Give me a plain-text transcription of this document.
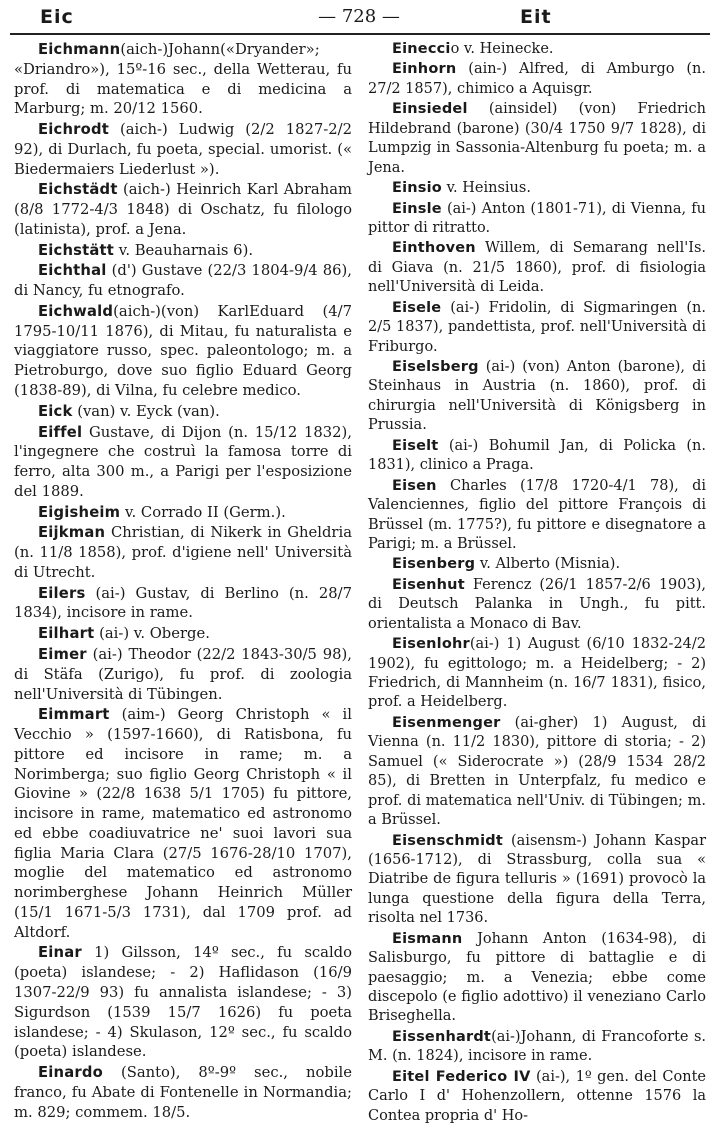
Eic	— 728 —	Eit

Eichmann(aich-)Johann(«Dryander»; «Driandro»), 15º-16 sec., della Wetterau, fu prof. di matematica e di medicina a Marburg; m. 20/12 1560.

Eichrodt (aich-) Ludwig (2/2 1827-2/2 92), di Durlach, fu poeta, special. umorist. (« Biedermaiers Liederlust »).

Eichstädt (aich-) Heinrich Karl Abraham (8/8 1772-4/3 1848) di Oschatz, fu filologo (latinista), prof. a Jena.

Eichstätt v. Beauharnais 6).

Eichthal (d') Gustave (22/3 1804-9/4 86), di Nancy, fu etnografo.

Eichwald(aich-)(von) KarlEduard (4/7 1795-10/11 1876), di Mitau, fu naturalista e viaggiatore russo, spec. paleontologo; m. a Pietroburgo, dove suo figlio Eduard Georg (1838-89), di Vilna, fu celebre medico.

Eick (van) v. Eyck (van).

Eiffel Gustave, di Dijon (n. 15/12 1832), l'ingegnere che costruì la famosa torre di ferro, alta 300 m., a Parigi per l'esposizione del 1889.

Eigisheim v. Corrado II (Germ.).

Eijkman Christian, di Nikerk in Gheldria (n. 11/8 1858), prof. d'igiene nell' Università di Utrecht.

Eilers (ai-) Gustav, di Berlino (n. 28/7 1834), incisore in rame.

Eilhart (ai-) v. Oberge.

Eimer (ai-) Theodor (22/2 1843-30/5 98), di Stäfa (Zurigo), fu prof. di zoologia nell'Università di Tübingen.

Eimmart (aim-) Georg Christoph « il Vecchio » (1597-1660), di Ratisbona, fu pittore ed incisore in rame; m. a Norimberga; suo figlio Georg Christoph « il Giovine » (22/8 1638 5/1 1705) fu pittore, incisore in rame, matematico ed astronomo ed ebbe coadiuvatrice ne' suoi lavori sua figlia Maria Clara (27/5 1676-28/10 1707), moglie del matematico ed astronomo norimberghese Johann Heinrich Müller (15/1 1671-5/3 1731), dal 1709 prof. ad Altdorf.

Einar 1) Gilsson, 14º sec., fu scaldo (poeta) islandese; - 2) Haflidason (16/9 1307-22/9 93) fu annalista islandese; - 3) Sigurdson (1539 15/7 1626) fu poeta islandese; - 4) Skulason, 12º sec., fu scaldo (poeta) islandese.

Einardo (Santo), 8º-9º sec., nobile franco, fu Abate di Fontenelle in Normandia; m. 829; commem. 18/5.

Eineccio v. Heinecke.

Einhorn (ain-) Alfred, di Amburgo (n. 27/2 1857), chimico a Aquisgr.

Einsiedel (ainsidel) (von) Friedrich Hildebrand (barone) (30/4 1750 9/7 1828), di Lumpzig in Sassonia-Altenburg fu poeta; m. a Jena.

Einsio v. Heinsius.

Einsle (ai-) Anton (1801-71), di Vienna, fu pittor di ritratto.

Einthoven Willem, di Semarang nell'Is. di Giava (n. 21/5 1860), prof. di fisiologia nell'Università di Leida.

Eisele (ai-) Fridolin, di Sigmaringen (n. 2/5 1837), pandettista, prof. nell'Università di Friburgo.

Eiselsberg (ai-) (von) Anton (barone), di Steinhaus in Austria (n. 1860), prof. di chirurgia nell'Università di Königsberg in Prussia.

Eiselt (ai-) Bohumil Jan, di Policka (n. 1831), clinico a Praga.

Eisen Charles (17/8 1720-4/1 78), di Valenciennes, figlio del pittore François di Brüssel (m. 1775?), fu pittore e disegnatore a Parigi; m. a Brüssel.

Eisenberg v. Alberto (Misnia).

Eisenhut Ferencz (26/1 1857-2/6 1903), di Deutsch Palanka in Ungh., fu pitt. orientalista a Monaco di Bav.

Eisenlohr(ai-) 1) August (6/10 1832-24/2 1902), fu egittologo; m. a Heidelberg; - 2) Friedrich, di Mannheim (n. 16/7 1831), fisico, prof. a Heidelberg.

Eisenmenger (ai-gher) 1) August, di Vienna (n. 11/2 1830), pittore di storia; - 2) Samuel (« Siderocrate ») (28/9 1534 28/2 85), di Bretten in Unterpfalz, fu medico e prof. di matematica nell'Univ. di Tübingen; m. a Brüssel.

Eisenschmidt (aisensm-) Johann Kaspar (1656-1712), di Strassburg, colla sua « Diatribe de figura telluris » (1691) provocò la lunga questione della figura della Terra, risolta nel 1736.

Eismann Johann Anton (1634-98), di Salisburgo, fu pittore di battaglie e di paesaggio; m. a Venezia; ebbe come discepolo (e figlio adottivo) il veneziano Carlo Briseghella.

Eissenhardt(ai-)Johann, di Francoforte s. M. (n. 1824), incisore in rame.

Eitel Federico IV (ai-), 1º gen. del Conte Carlo I d' Hohenzollern, ottenne 1576 la Contea propria d' Ho-
